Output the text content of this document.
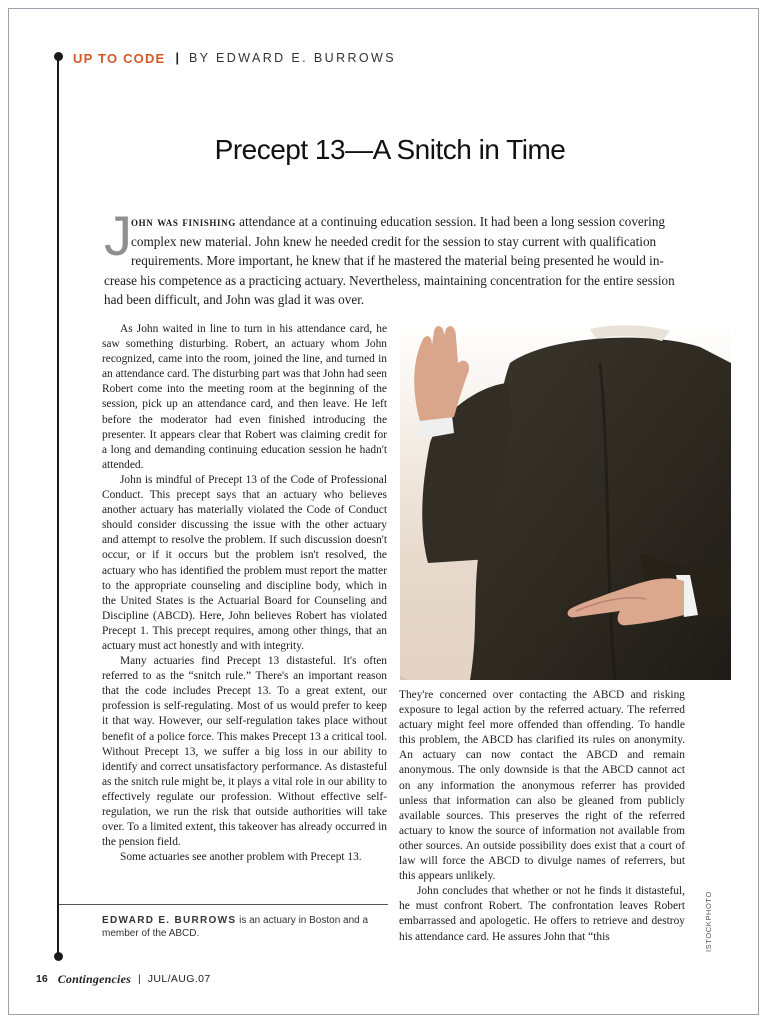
UP TO CODE | BY EDWARD E. BURROWS
Precept 13—A Snitch in Time
J ohn was finishing attendance at a continuing education session. It had been a long session covering
complex new material. John knew he needed credit for the session to stay current with qualification
requirements. More important, he knew that if he mastered the material being presented he would in-
crease his competence as a practicing actuary. Nevertheless, maintaining concentration for the entire session
had been difficult, and John was glad it was over.

As John waited in line to turn in his attendance card, he saw something disturbing. Robert, an actuary whom John recognized, came into the room, joined the line, and turned in an attendance card. The disturbing part was that John had seen Robert come into the meeting room at the beginning of the session, pick up an attendance card, and then leave. He left before the moderator had even finished introducing the presenter. It appears clear that Robert was claiming credit for a long and demanding continuing education session he hadn't attended.

John is mindful of Precept 13 of the Code of Professional Conduct. This precept says that an actuary who believes another actuary has materially violated the Code of Conduct should consider discussing the issue with the other actuary and attempt to resolve the problem. If such discussion doesn't occur, or if it occurs but the problem isn't resolved, the actuary who has identified the problem must report the matter to the appropriate counseling and discipline body, which in the United States is the Actuarial Board for Counseling and Discipline (ABCD). Here, John believes Robert has violated Precept 1. This precept requires, among other things, that an actuary must act honestly and with integrity.

Many actuaries find Precept 13 distasteful. It's often referred to as the “snitch rule.” There's an important reason that the code includes Precept 13. To a great extent, our profession is self-regulating. Most of us would prefer to keep it that way. However, our self-regulation takes place without benefit of a police force. This makes Precept 13 a critical tool. Without Precept 13, we suffer a big loss in our ability to identify and correct unsatisfactory performance. As distasteful as the snitch rule might be, it plays a vital role in our ability to effectively regulate our profession. Without effective self-regulation, we run the risk that outside authorities will take over. To a limited extent, this takeover has already occurred in the pension field.

Some actuaries see another problem with Precept 13.

They're concerned over contacting the ABCD and risking exposure to legal action by the referred actuary. The referred actuary might feel more offended than offending. To handle this problem, the ABCD has clarified its rules on anonymity. An actuary can now contact the ABCD and remain anonymous. The only downside is that the ABCD cannot act on any information the anonymous referrer has provided unless that information can also be gleaned from publicly available sources. This preserves the right of the referred actuary to know the source of information not available from other sources. An outside possibility does exist that a court of law will force the ABCD to divulge names of referrers, but this appears unlikely.

John concludes that whether or not he finds it distasteful, he must confront Robert. The confrontation leaves Robert embarrassed and apologetic. He offers to retrieve and destroy his attendance card. He assures John that “this	ISTOCKPHOTO
EDWARD E. BURROWS is an actuary in Boston and a member of the ABCD.
16 Contingencies | JUL/AUG.07
